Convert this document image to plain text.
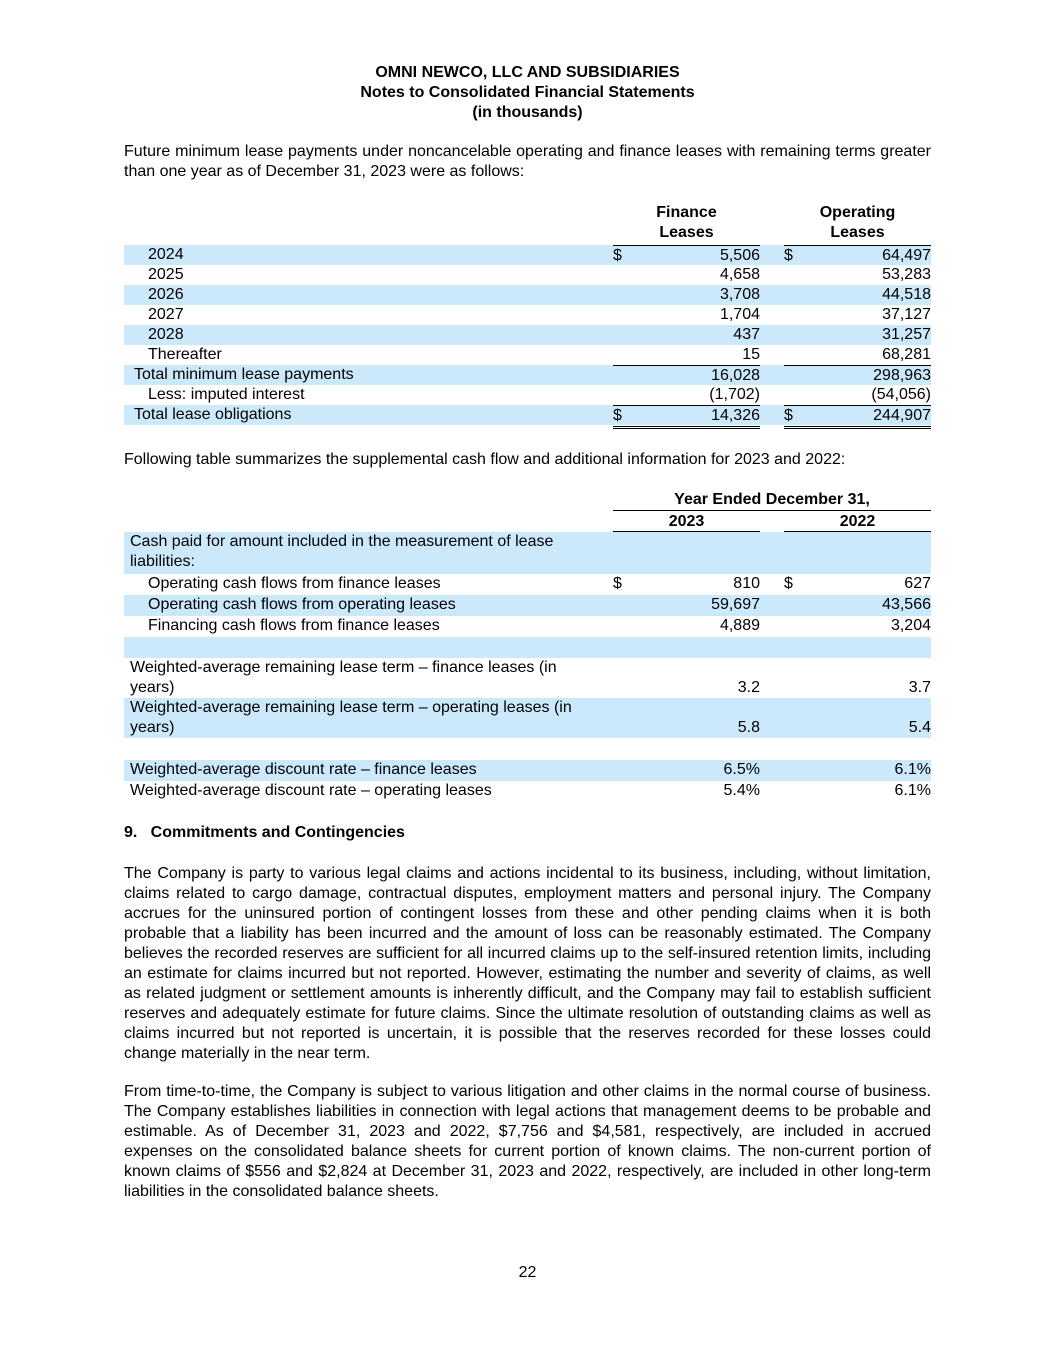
OMNI NEWCO, LLC AND SUBSIDIARIES
Notes to Consolidated Financial Statements
(in thousands)
Future minimum lease payments under noncancelable operating and finance leases with remaining terms greater than one year as of December 31, 2023 were as follows:
Finance
Leases
Operating
Leases
2024	$	5,506 $	64,497
2025	4,658	53,283
2026	3,708	44,518
2027	1,704	37,127
2028	437	31,257
Thereafter	15	68,281
Total minimum lease payments	16,028	298,963
Less: imputed interest	(1,702)	(54,056)
Total lease obligations	$	14,326 $	244,907
Following table summarizes the supplemental cash flow and additional information for 2023 and 2022:
Year Ended December 31,
2023	2022
Cash paid for amount included in the measurement of lease
liabilities:
Operating cash flows from finance leases	$	810 $	627
Operating cash flows from operating leases	59,697	43,566
Financing cash flows from finance leases	4,889	3,204
Weighted-average remaining lease term – finance leases (in
years)	3.2	3.7
Weighted-average remaining lease term – operating leases (in
years)	5.8	5.4
Weighted-average discount rate – finance leases	6.5%	6.1%
Weighted-average discount rate – operating leases	5.4%	6.1%
9.   Commitments and Contingencies
The Company is party to various legal claims and actions incidental to its business, including, without limitation, claims related to cargo damage, contractual disputes, employment matters and personal injury. The Company accrues for the uninsured portion of contingent losses from these and other pending claims when it is both probable that a liability has been incurred and the amount of loss can be reasonably estimated. The Company believes the recorded reserves are sufficient for all incurred claims up to the self-insured retention limits, including an estimate for claims incurred but not reported. However, estimating the number and severity of claims, as well as related judgment or settlement amounts is inherently difficult, and the Company may fail to establish sufficient reserves and adequately estimate for future claims. Since the ultimate resolution of outstanding claims as well as claims incurred but not reported is uncertain, it is possible that the reserves recorded for these losses could change materially in the near term.
From time-to-time, the Company is subject to various litigation and other claims in the normal course of business. The Company establishes liabilities in connection with legal actions that management deems to be probable and estimable. As of December 31, 2023 and 2022, $7,756 and $4,581, respectively, are included in accrued expenses on the consolidated balance sheets for current portion of known claims. The non-current portion of known claims of $556 and $2,824 at December 31, 2023 and 2022, respectively, are included in other long-term liabilities in the consolidated balance sheets.
22
